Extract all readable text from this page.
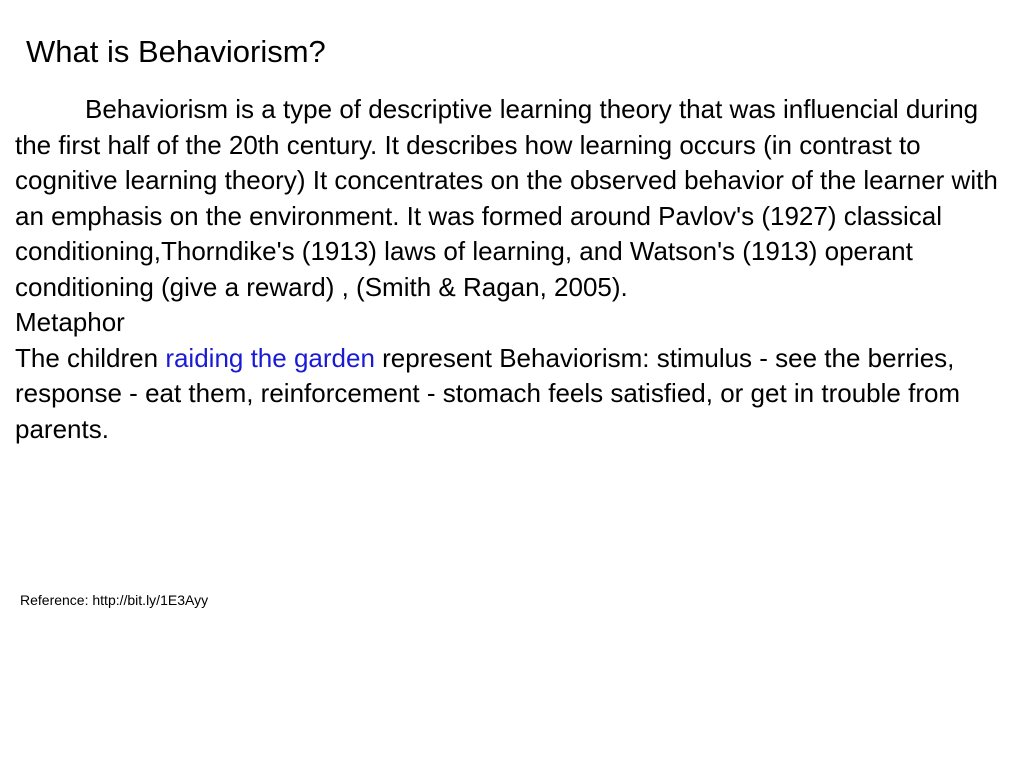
What is Behaviorism?
Behaviorism is a type of descriptive learning theory that was influencial during the first half of the 20th century. It describes how learning occurs (in contrast to cognitive learning theory) It concentrates on the observed behavior of the learner with an emphasis on the environment. It was formed around Pavlov's (1927) classical conditioning,Thorndike's (1913) laws of learning, and Watson's (1913) operant conditioning (give a reward) , (Smith & Ragan, 2005).
Metaphor
The children raiding the garden represent Behaviorism: stimulus - see the berries, response - eat them, reinforcement - stomach feels satisfied, or get in trouble from parents.

Reference: http://bit.ly/1E3Ayy
